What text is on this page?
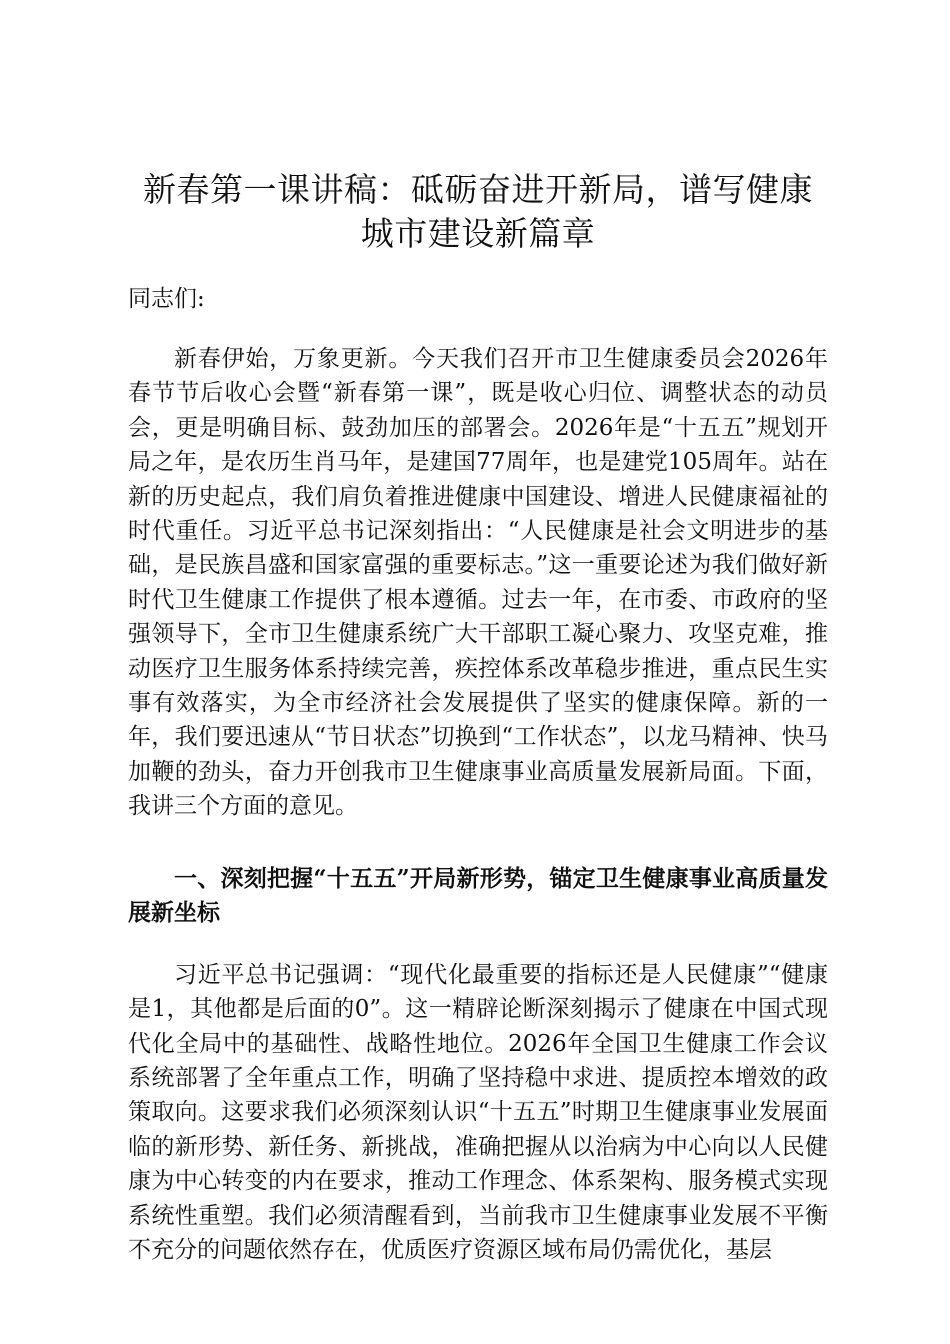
新春第一课讲稿：砥砺奋进开新局，谱写健康城市建设新篇章

同志们:

新春伊始，万象更新。今天我们召开市卫生健康委员会2026年春节节后收心会暨“新春第一课”，既是收心归位、调整状态的动员会，更是明确目标、鼓劲加压的部署会。2026年是“十五五”规划开局之年，是农历生肖马年，是建国77周年，也是建党105周年。站在新的历史起点，我们肩负着推进健康中国建设、增进人民健康福祉的时代重任。习近平总书记深刻指出：“人民健康是社会文明进步的基础，是民族昌盛和国家富强的重要标志。”这一重要论述为我们做好新时代卫生健康工作提供了根本遵循。过去一年，在市委、市政府的坚强领导下，全市卫生健康系统广大干部职工凝心聚力、攻坚克难，推动医疗卫生服务体系持续完善，疾控体系改革稳步推进，重点民生实事有效落实，为全市经济社会发展提供了坚实的健康保障。新的一年，我们要迅速从“节日状态”切换到“工作状态”，以龙马精神、快马加鞭的劲头，奋力开创我市卫生健康事业高质量发展新局面。下面，我讲三个方面的意见。

一、深刻把握“十五五”开局新形势，锚定卫生健康事业高质量发展新坐标

习近平总书记强调：“现代化最重要的指标还是人民健康”“健康是1，其他都是后面的0”。这一精辟论断深刻揭示了健康在中国式现代化全局中的基础性、战略性地位。2026年全国卫生健康工作会议系统部署了全年重点工作，明确了坚持稳中求进、提质控本增效的政策取向。这要求我们必须深刻认识“十五五”时期卫生健康事业发展面临的新形势、新任务、新挑战，准确把握从以治病为中心向以人民健康为中心转变的内在要求，推动工作理念、体系架构、服务模式实现系统性重塑。我们必须清醒看到，当前我市卫生健康事业发展不平衡不充分的问题依然存在，优质医疗资源区域布局仍需优化，基层
